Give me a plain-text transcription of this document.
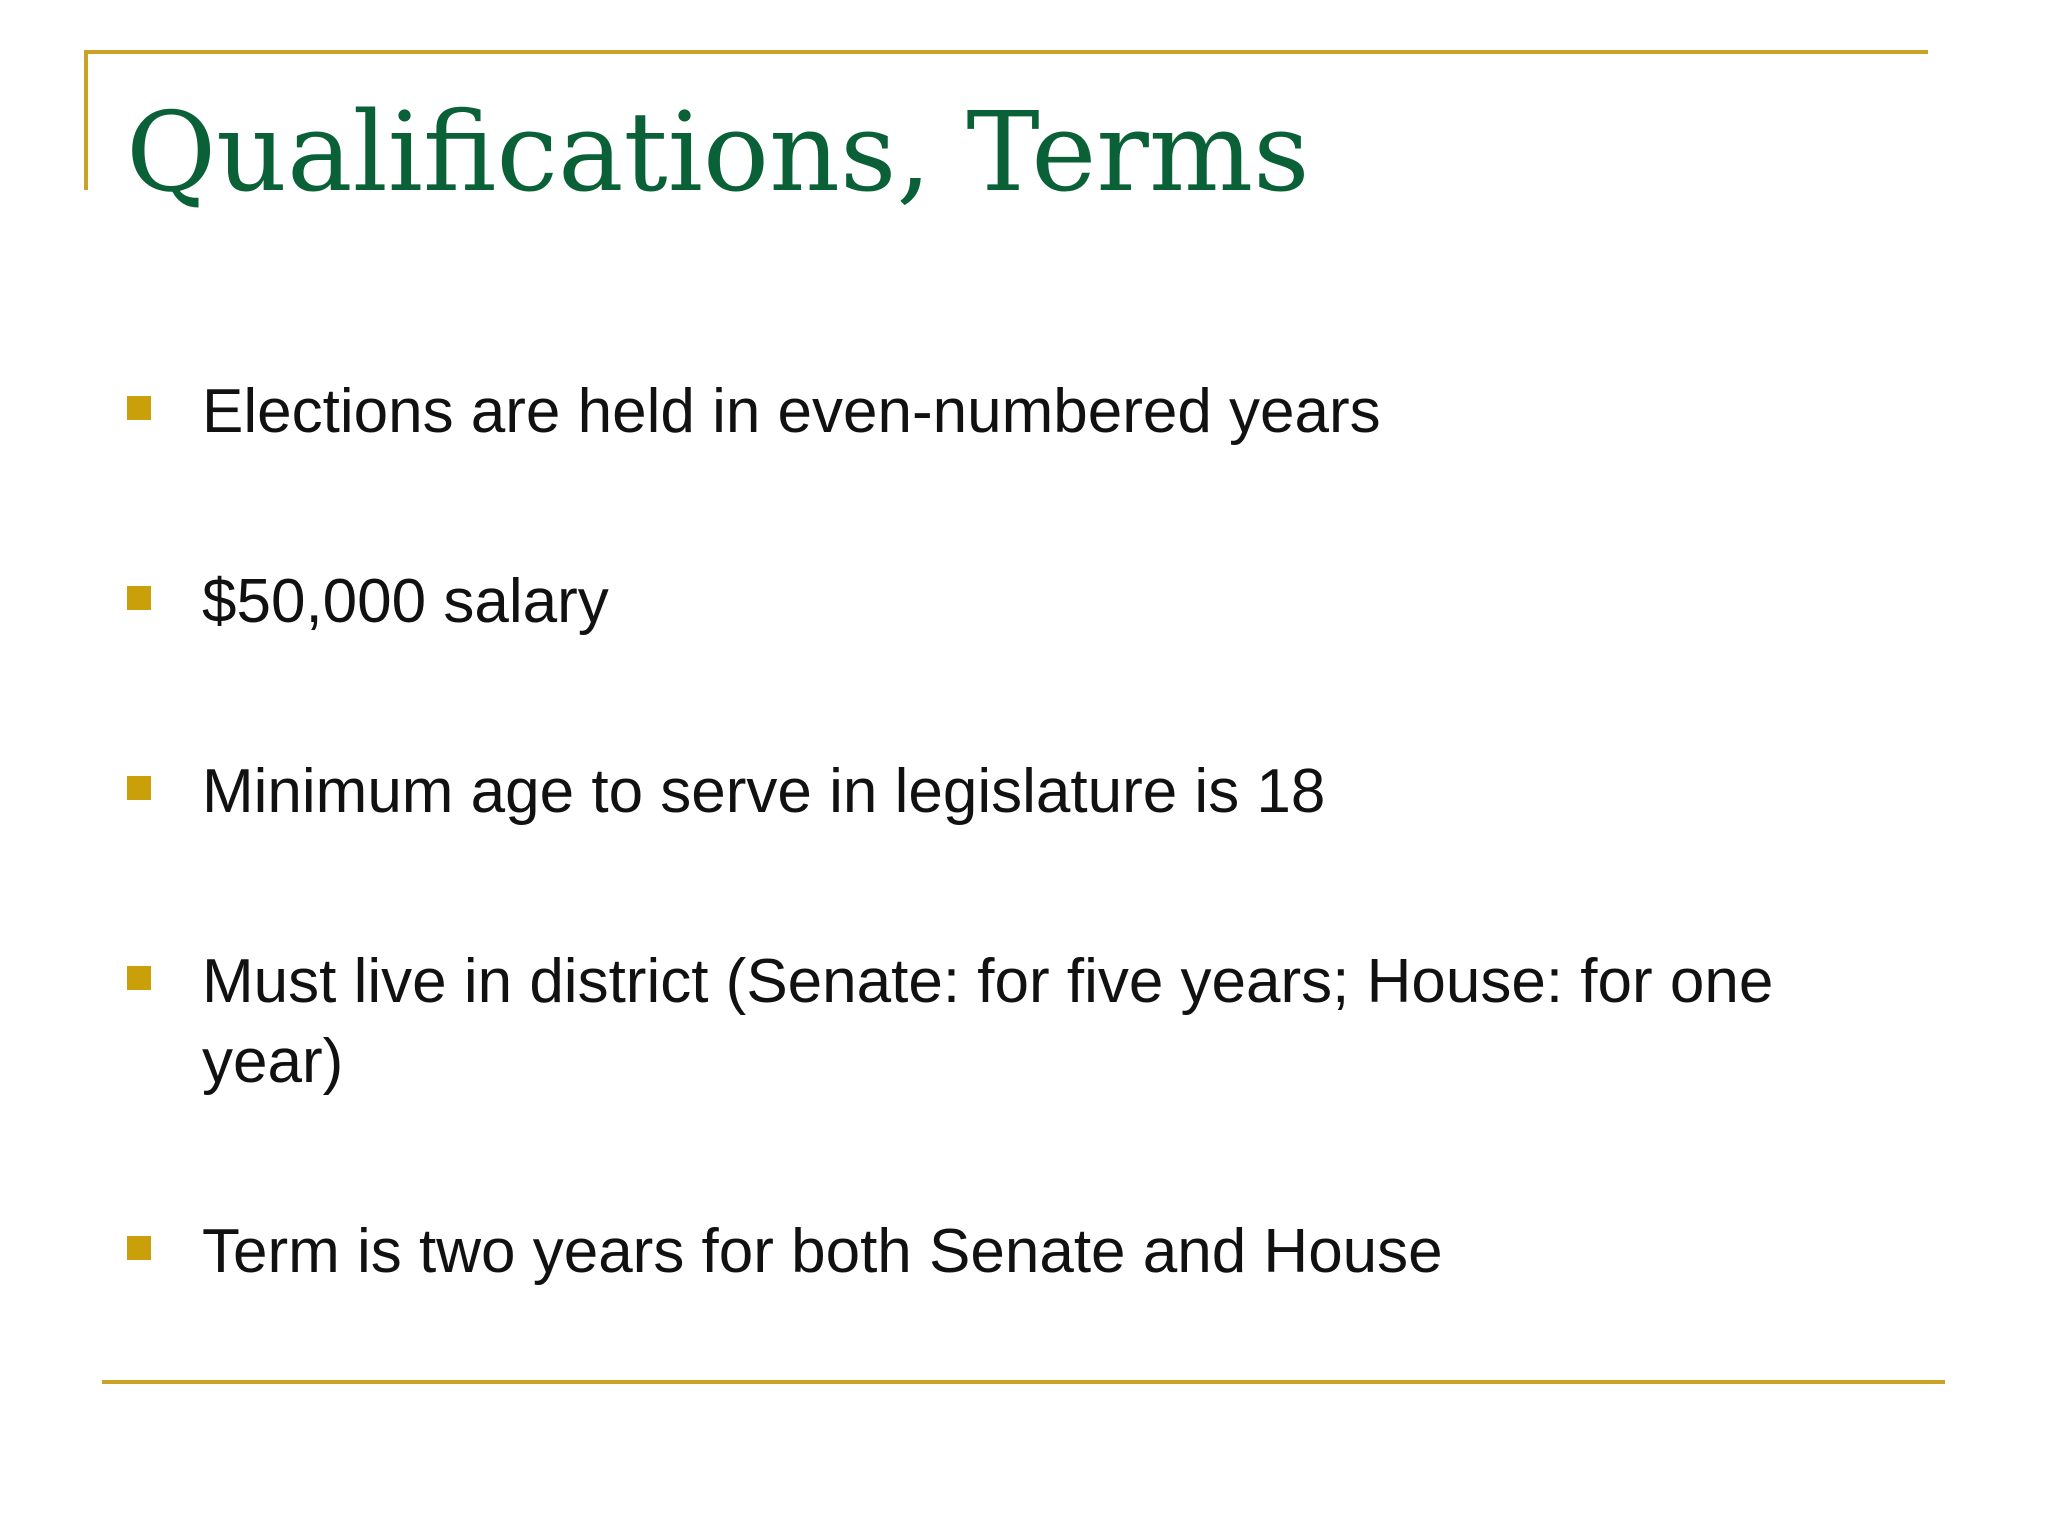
Qualifications, Terms
Elections are held in even-numbered years
$50,000 salary
Minimum age to serve in legislature is 18
Must live in district (Senate: for five years; House: for one year)
Term is two years for both Senate and House
